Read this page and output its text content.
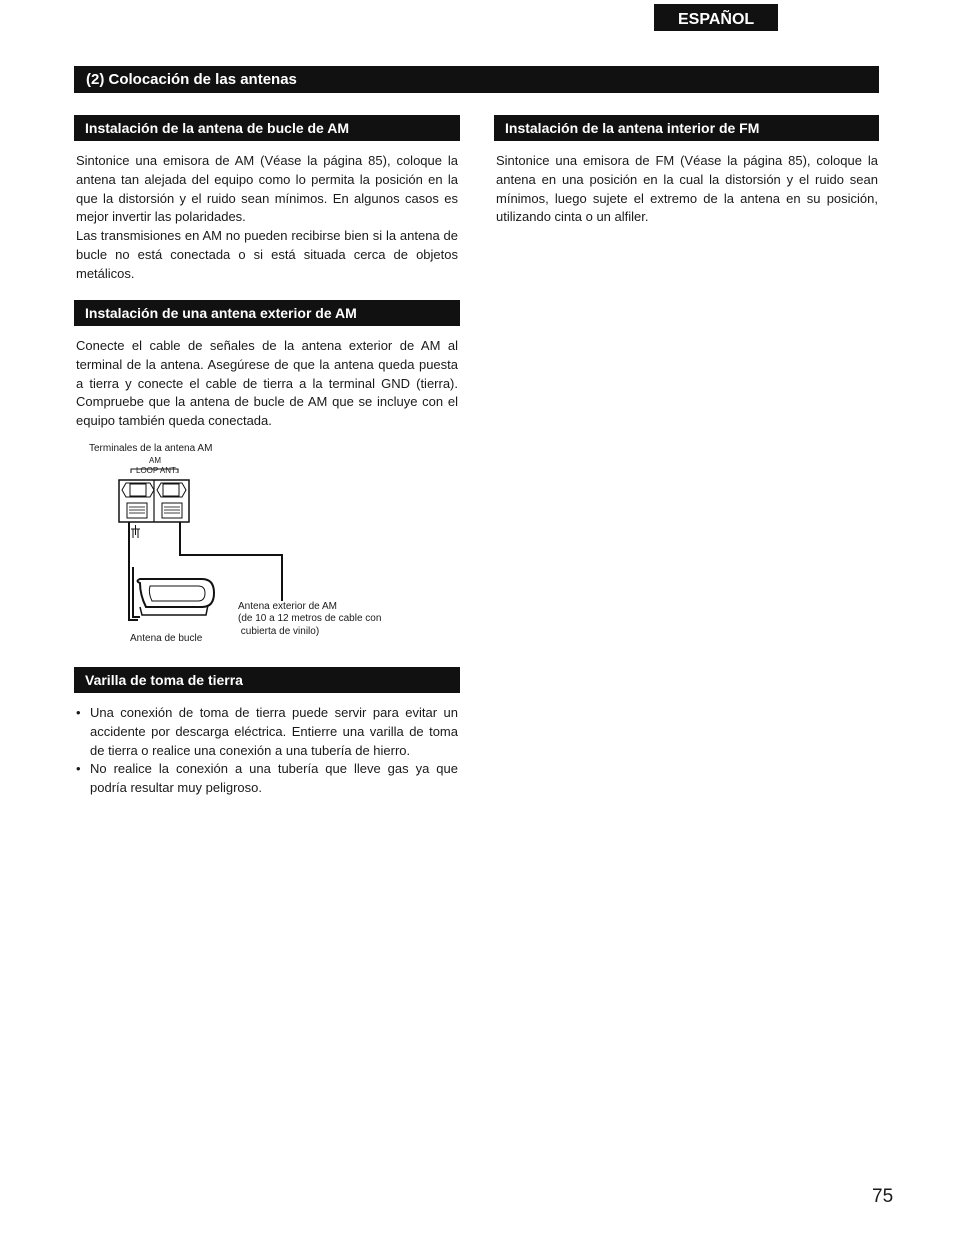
ESPAÑOL
(2) Colocación de las antenas
Instalación de la antena de bucle de AM

Sintonice una emisora de AM (Véase la página 85), coloque la antena tan alejada del equipo como lo permita la posición en la que la distorsión y el ruido sean mínimos. En algunos casos es mejor invertir las polaridades.

Las transmisiones en AM no pueden recibirse bien si la antena de bucle no está conectada o si está situada cerca de objetos metálicos.

Instalación de una antena exterior de AM

Conecte el cable de señales de la antena exterior de AM al terminal de la antena. Asegúrese de que la antena queda puesta a tierra y conecte el cable de tierra a la terminal GND (tierra). Compruebe que la antena de bucle de AM que se incluye con el equipo también queda conectada.

Terminales de la antena AM
AM
LOOP ANT.
Antena de bucle
Antena exterior de AM
(de 10 a 12 metros de cable con
cubierta de vinilo)
Varilla de toma de tierra
• Una conexión de toma de tierra puede servir para evitar un accidente por descarga eléctrica. Entierre una varilla de toma de tierra o realice una conexión a una tubería de hierro.
• No realice la conexión a una tubería que lleve gas ya que podría resultar muy peligroso.
Instalación de la antena interior de FM

Sintonice una emisora de FM (Véase la página 85), coloque la antena en una posición en la cual la distorsión y el ruido sean mínimos, luego sujete el extremo de la antena en su posición, utilizando cinta o un alfiler.

75
